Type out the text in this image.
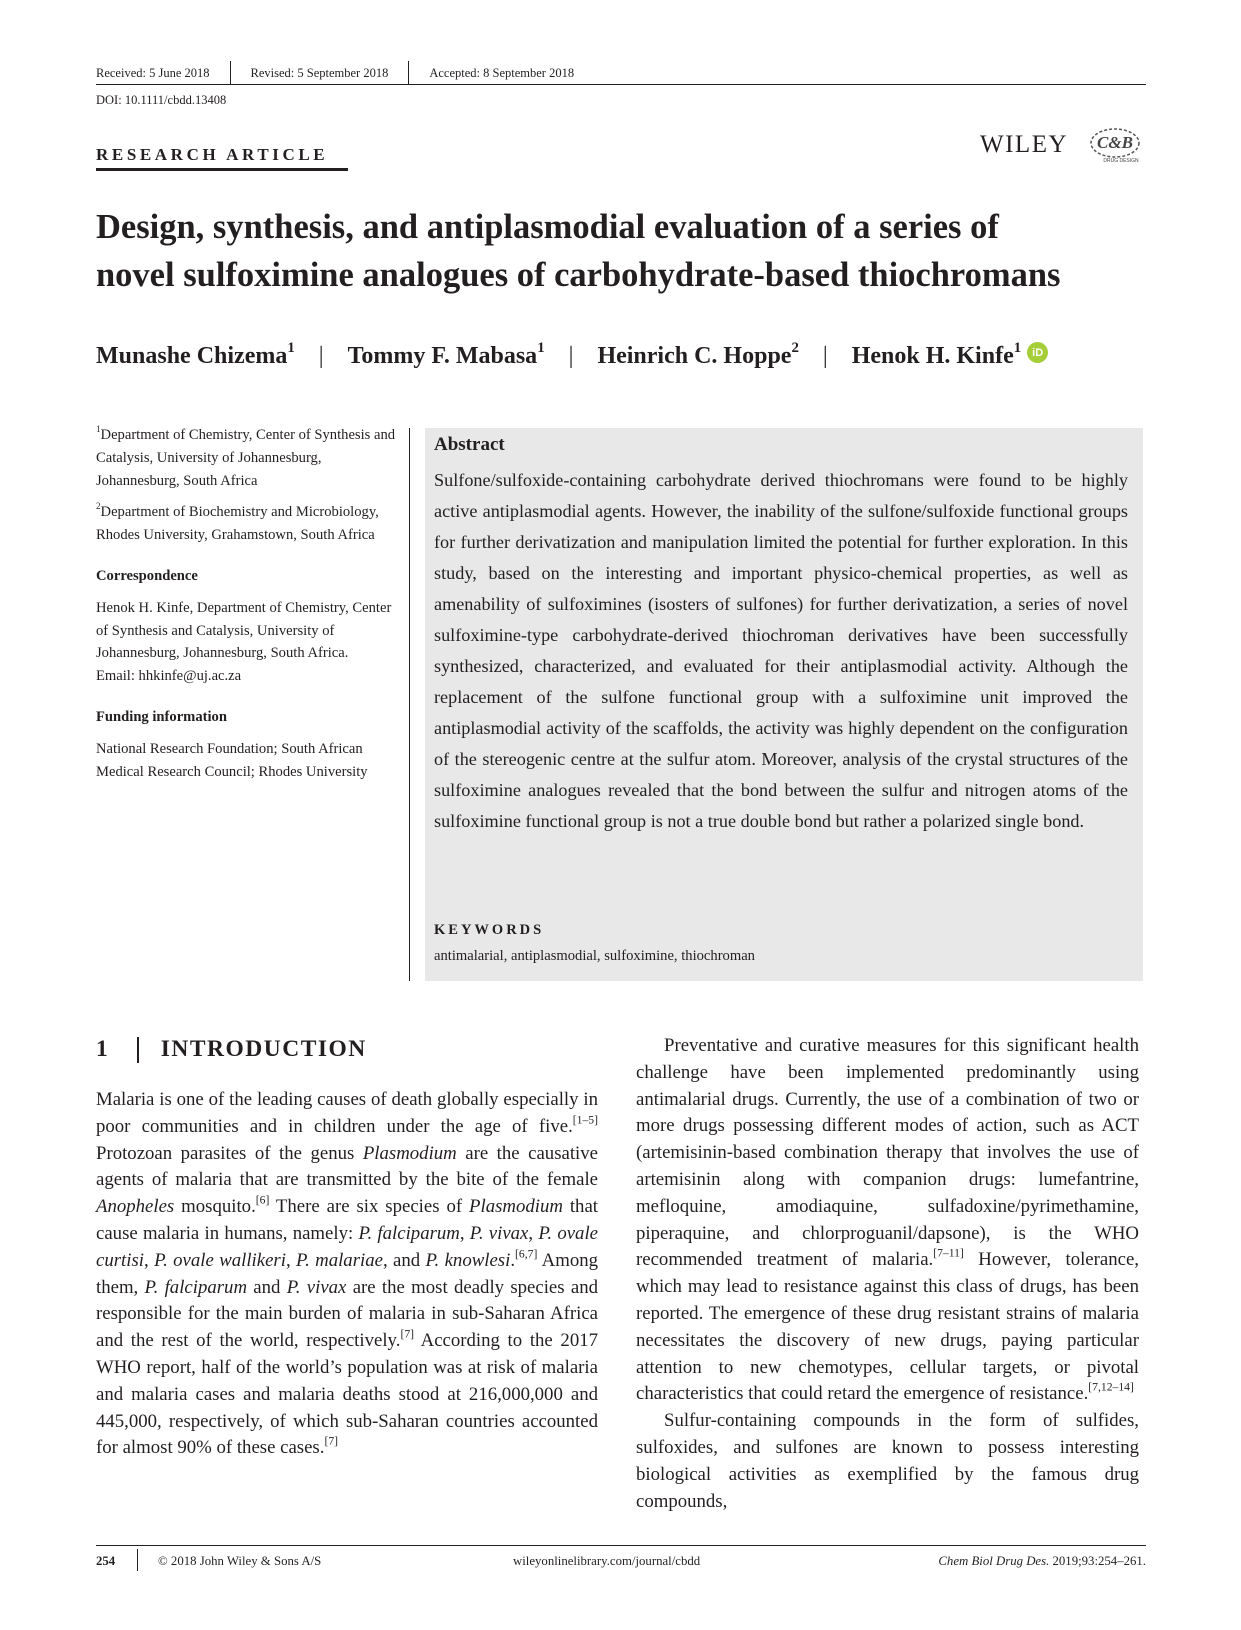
Received: 5 June 2018	Revised: 5 September 2018	Accepted: 8 September 2018
DOI: 10.1111/cbdd.13408
RESEARCH ARTICLE	WILEY C&B
DRUG DESIGN
Design, synthesis, and antiplasmodial evaluation of a series of
novel sulfoximine analogues of carbohydrate-based thiochromans
Munashe Chizema$^1$ | Tommy F. Mabasa$^1$ | Heinrich C. Hoppe$^2$ | Henok H. Kinfe$^1$	iD

$^1$Department of Chemistry, Center of Synthesis and Catalysis, University of Johannesburg, Johannesburg, South Africa

$^2$Department of Biochemistry and Microbiology, Rhodes University, Grahamstown, South Africa

Correspondence

Henok H. Kinfe, Department of Chemistry, Center of Synthesis and Catalysis, University of Johannesburg, Johannesburg, South Africa.

Email: hhkinfe@uj.ac.za

Funding information

National Research Foundation; South African Medical Research Council; Rhodes University

Abstract
Sulfone/sulfoxide-containing carbohydrate derived thiochromans were found to be highly active antiplasmodial agents. However, the inability of the sulfone/sulfoxide functional groups for further derivatization and manipulation limited the potential for further exploration. In this study, based on the interesting and important physico-chemical properties, as well as amenability of sulfoximines (isosters of sulfones) for further derivatization, a series of novel sulfoximine-type carbohydrate-derived thiochroman derivatives have been successfully synthesized, characterized, and evaluated for their antiplasmodial activity. Although the replacement of the sulfone functional group with a sulfoximine unit improved the antiplasmodial activity of the scaffolds, the activity was highly dependent on the configuration of the stereogenic centre at the sulfur atom. Moreover, analysis of the crystal structures of the sulfoximine analogues revealed that the bond between the sulfur and nitrogen atoms of the sulfoximine functional group is not a true double bond but rather a polarized single bond.
KEYWORDS
antimalarial, antiplasmodial, sulfoximine, thiochroman
1 INTRODUCTION

Malaria is one of the leading causes of death globally especially in poor communities and in children under the age of five.[1–5] Protozoan parasites of the genus Plasmodium are the causative agents of malaria that are transmitted by the bite of the female Anopheles mosquito.[6] There are six species of Plasmodium that cause malaria in humans, namely: P. falciparum, P. vivax, P. ovale curtisi, P. ovale wallikeri, P. malariae, and P. knowlesi.[6,7] Among them, P. falciparum and P. vivax are the most deadly species and responsible for the main burden of malaria in sub-Saharan Africa and the rest of the world, respectively.[7] According to the 2017 WHO report, half of the world’s population was at risk of malaria and malaria cases and malaria deaths stood at 216,000,000 and 445,000, respectively, of which sub-Saharan countries accounted for almost 90% of these cases.[7]

Preventative and curative measures for this significant health challenge have been implemented predominantly using antimalarial drugs. Currently, the use of a combination of two or more drugs possessing different modes of action, such as ACT (artemisinin-based combination therapy that involves the use of artemisinin along with companion drugs: lumefantrine, mefloquine, amodiaquine, sulfadoxine/pyrimethamine, piperaquine, and chlorproguanil/dapsone), is the WHO recommended treatment of malaria.[7–11] However, tolerance, which may lead to resistance against this class of drugs, has been reported. The emergence of these drug resistant strains of malaria necessitates the discovery of new drugs, paying particular attention to new chemotypes, cellular targets, or pivotal characteristics that could retard the emergence of resistance.[7,12–14]

Sulfur-containing compounds in the form of sulfides, sulfoxides, and sulfones are known to possess interesting biological activities as exemplified by the famous drug compounds,

254	© 2018 John Wiley & Sons A/S	wileyonlinelibrary.com/journal/cbdd	Chem Biol Drug Des. 2019;93:254–261.
